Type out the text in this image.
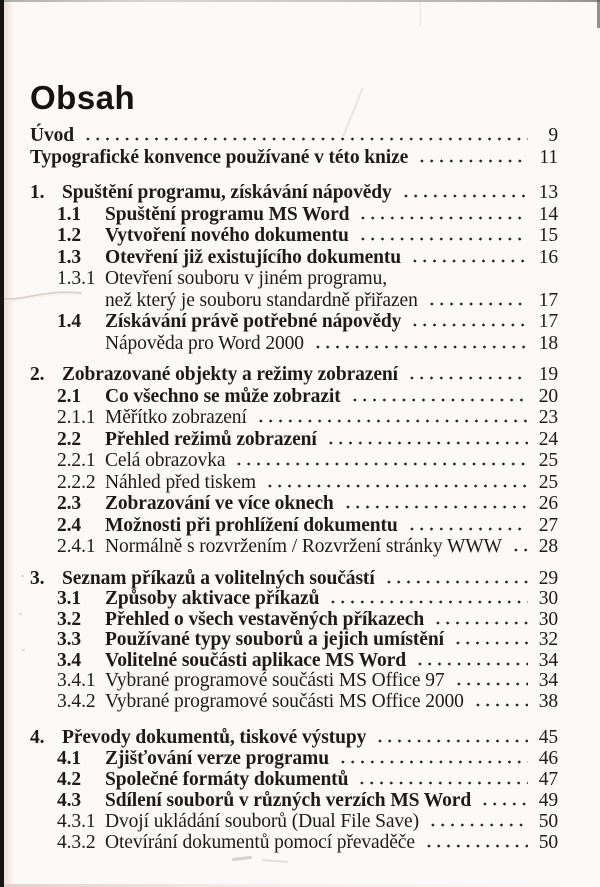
Obsah
Úvod	9
Typografické konvence používané v této knize	11
1. Spuštění programu, získávání nápovědy	13
1.1	Spuštění programu MS Word	14
1.2	Vytvoření nového dokumentu	15
1.3	Otevření již existujícího dokumentu	16
1.3.1 Otevření souboru v jiném programu,
než který je souboru standardně přiřazen	17
1.4	Získávání právě potřebné nápovědy	17
Nápověda pro Word 2000	18
2. Zobrazované objekty a režimy zobrazení	19
2.1	Co všechno se může zobrazit	20
2.1.1 Měřítko zobrazení	23
2.2	Přehled režimů zobrazení	24
2.2.1 Celá obrazovka	25
2.2.2 Náhled před tiskem	25
2.3	Zobrazování ve více oknech	26
2.4	Možnosti při prohlížení dokumentu	27
2.4.1 Normálně s rozvržením / Rozvržení stránky WWW	28
3. Seznam příkazů a volitelných součástí	29
3.1	Způsoby aktivace příkazů	30
3.2	Přehled o všech vestavěných příkazech	30
3.3	Používané typy souborů a jejich umístění	32
3.4	Volitelné součásti aplikace MS Word	34
3.4.1 Vybrané programové součásti MS Office 97	34
3.4.2 Vybrané programové součásti MS Office 2000	38
4. Převody dokumentů, tiskové výstupy	45
4.1	Zjišťování verze programu	46
4.2	Společné formáty dokumentů	47
4.3	Sdílení souborů v různých verzích MS Word	49
4.3.1 Dvojí ukládání souborů (Dual File Save)	50
4.3.2 Otevírání dokumentů pomocí převaděče	50
